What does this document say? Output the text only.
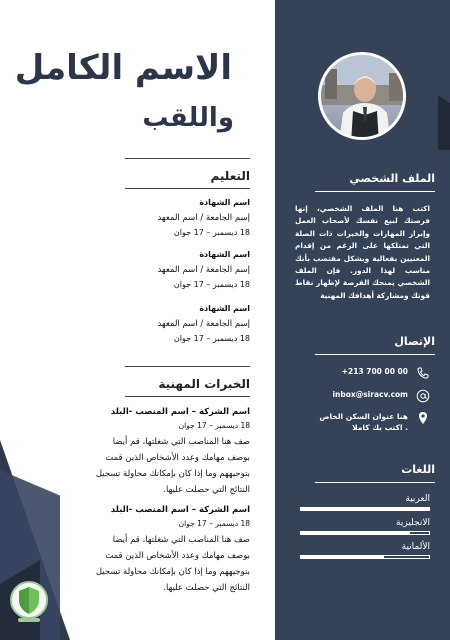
الملف الشخصي
اكتب هنا الملف الشخصي، إنها فرصتك لبيع نفسك لأصحاب العمل وإبراز المهارات والخبرات ذات الصلة التي تمتلكها على الرغم من إقدام المعنيين بفعالية وبشكل مقتضب بأنك مناسب لهذا الدور. فإن الملف الشخصي يمنحك الفرصة لإظهار نقاط قوتك ومشاركة أهدافك المهنية
الإتصال
+213 700 00 00
inbox@siracv.com
هنا عنوان السكن الخاص . اكتب بك كاملا
اللغات
العربية
الانجليزية
الألمانية
الاسم الكامل
واللقب
التعليم
اسم الشهادة
إسم الجامعة / اسم المعهد
18 ديسمبر – 17 جوان
اسم الشهادة
إسم الجامعة / اسم المعهد
18 ديسمبر – 17 جوان
اسم الشهادة
إسم الجامعة / اسم المعهد
18 ديسمبر – 17 جوان
الخبرات المهنية
اسم الشركة – اسم المنصب -البلد
18 ديسمبر – 17 جوان
صف هنا المناصب التي شغلتها، قم أيضا بوصف مهامك وعدد الأشخاص الذين قمت بتوجيههم وما إذا كان بإمكانك محاولة تسجيل النتائج التي حصلت عليها.
اسم الشركة – اسم المنصب -البلد
18 ديسمبر – 17 جوان
صف هنا المناصب التي شغلتها، قم أيضا بوصف مهامك وعدد الأشخاص الذين قمت بتوجيههم وما إذا كان بإمكانك محاولة تسجيل النتائج التي حصلت عليها.
